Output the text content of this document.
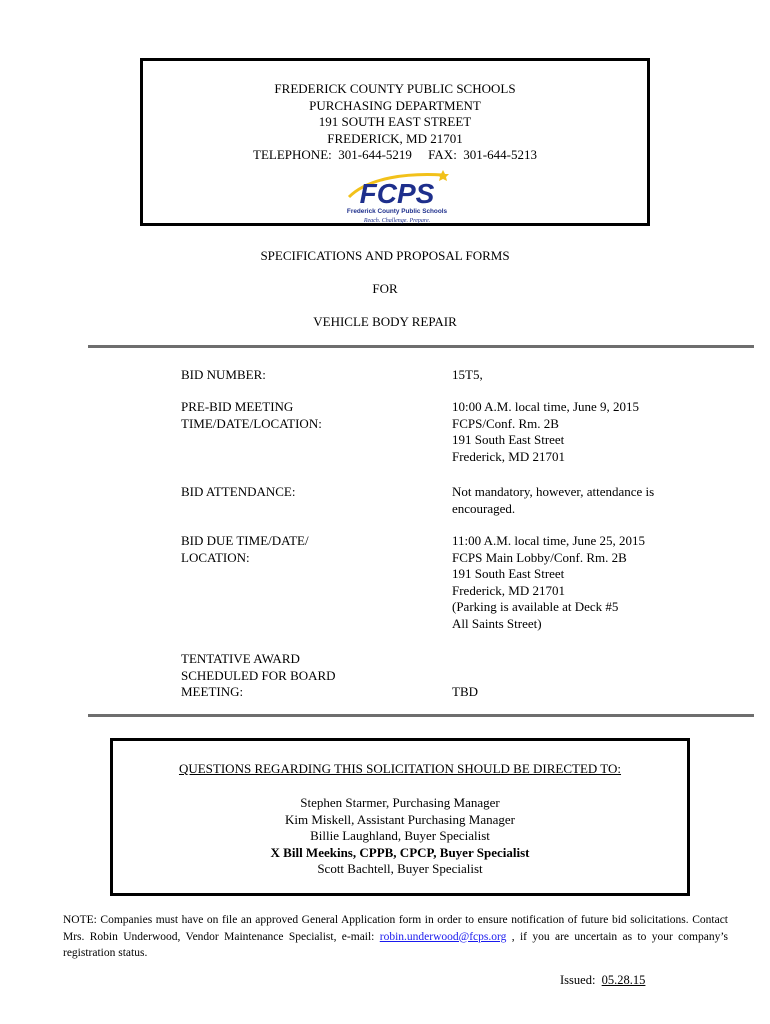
FREDERICK COUNTY PUBLIC SCHOOLS
PURCHASING DEPARTMENT
191 SOUTH EAST STREET
FREDERICK, MD 21701
TELEPHONE:  301-644-5219     FAX:  301-644-5213
FCPS
Frederick County Public Schools
Reach. Challenge. Prepare.
SPECIFICATIONS AND PROPOSAL FORMS
FOR
VEHICLE BODY REPAIR
BID NUMBER:	15T5,
PRE-BID MEETING
TIME/DATE/LOCATION:
10:00 A.M. local time, June 9, 2015
FCPS/Conf. Rm. 2B
191 South East Street
Frederick, MD 21701
BID ATTENDANCE:	Not mandatory, however, attendance is
encouraged.
BID DUE TIME/DATE/
LOCATION:
11:00 A.M. local time, June 25, 2015
FCPS Main Lobby/Conf. Rm. 2B
191 South East Street
Frederick, MD 21701
(Parking is available at Deck #5
All Saints Street)
TENTATIVE AWARD
SCHEDULED FOR BOARD
MEETING:	TBD
QUESTIONS REGARDING THIS SOLICITATION SHOULD BE DIRECTED TO:
Stephen Starmer, Purchasing Manager
Kim Miskell, Assistant Purchasing Manager
Billie Laughland, Buyer Specialist
X Bill Meekins, CPPB, CPCP, Buyer Specialist
Scott Bachtell, Buyer Specialist
NOTE: Companies must have on file an approved General Application form in order to ensure notification of future bid solicitations. Contact Mrs. Robin Underwood, Vendor Maintenance Specialist, e-mail: robin.underwood@fcps.org , if you are uncertain as to your company’s registration status.
Issued:  05.28.15
